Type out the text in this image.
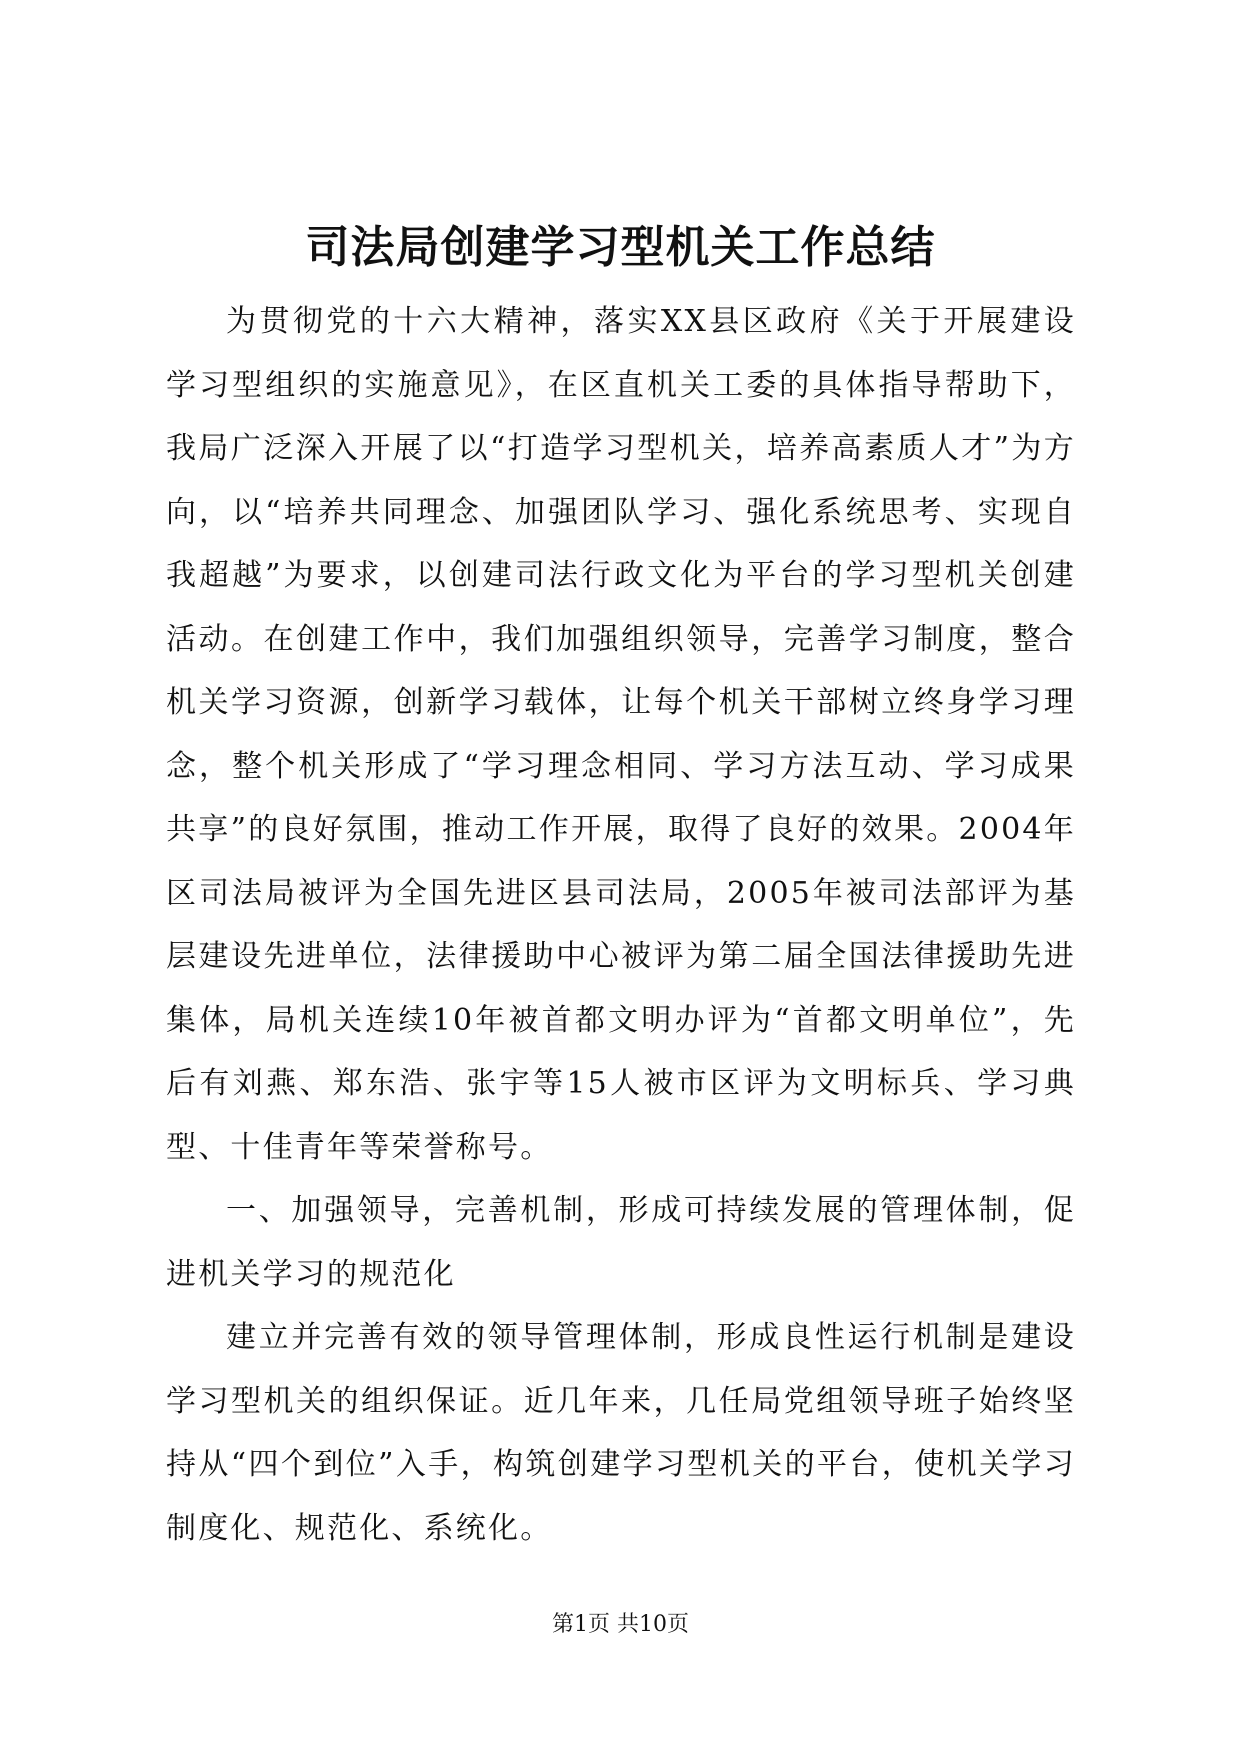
司法局创建学习型机关工作总结

为贯彻党的十六大精神，落实XX县区政府《关于开展建设学习型组织的实施意见》，在区直机关工委的具体指导帮助下，我局广泛深入开展了以“打造学习型机关，培养高素质人才”为方向，以“培养共同理念、加强团队学习、强化系统思考、实现自我超越”为要求，以创建司法行政文化为平台的学习型机关创建活动。在创建工作中，我们加强组织领导，完善学习制度，整合机关学习资源，创新学习载体，让每个机关干部树立终身学习理念，整个机关形成了“学习理念相同、学习方法互动、学习成果共享”的良好氛围，推动工作开展，取得了良好的效果。2004年区司法局被评为全国先进区县司法局，2005年被司法部评为基层建设先进单位，法律援助中心被评为第二届全国法律援助先进集体，局机关连续10年被首都文明办评为“首都文明单位”，先后有刘燕、郑东浩、张宇等15人被市区评为文明标兵、学习典型、十佳青年等荣誉称号。

一、加强领导，完善机制，形成可持续发展的管理体制，促进机关学习的规范化

建立并完善有效的领导管理体制，形成良性运行机制是建设学习型机关的组织保证。近几年来，几任局党组领导班子始终坚持从“四个到位”入手，构筑创建学习型机关的平台，使机关学习制度化、规范化、系统化。

第1页 共10页
